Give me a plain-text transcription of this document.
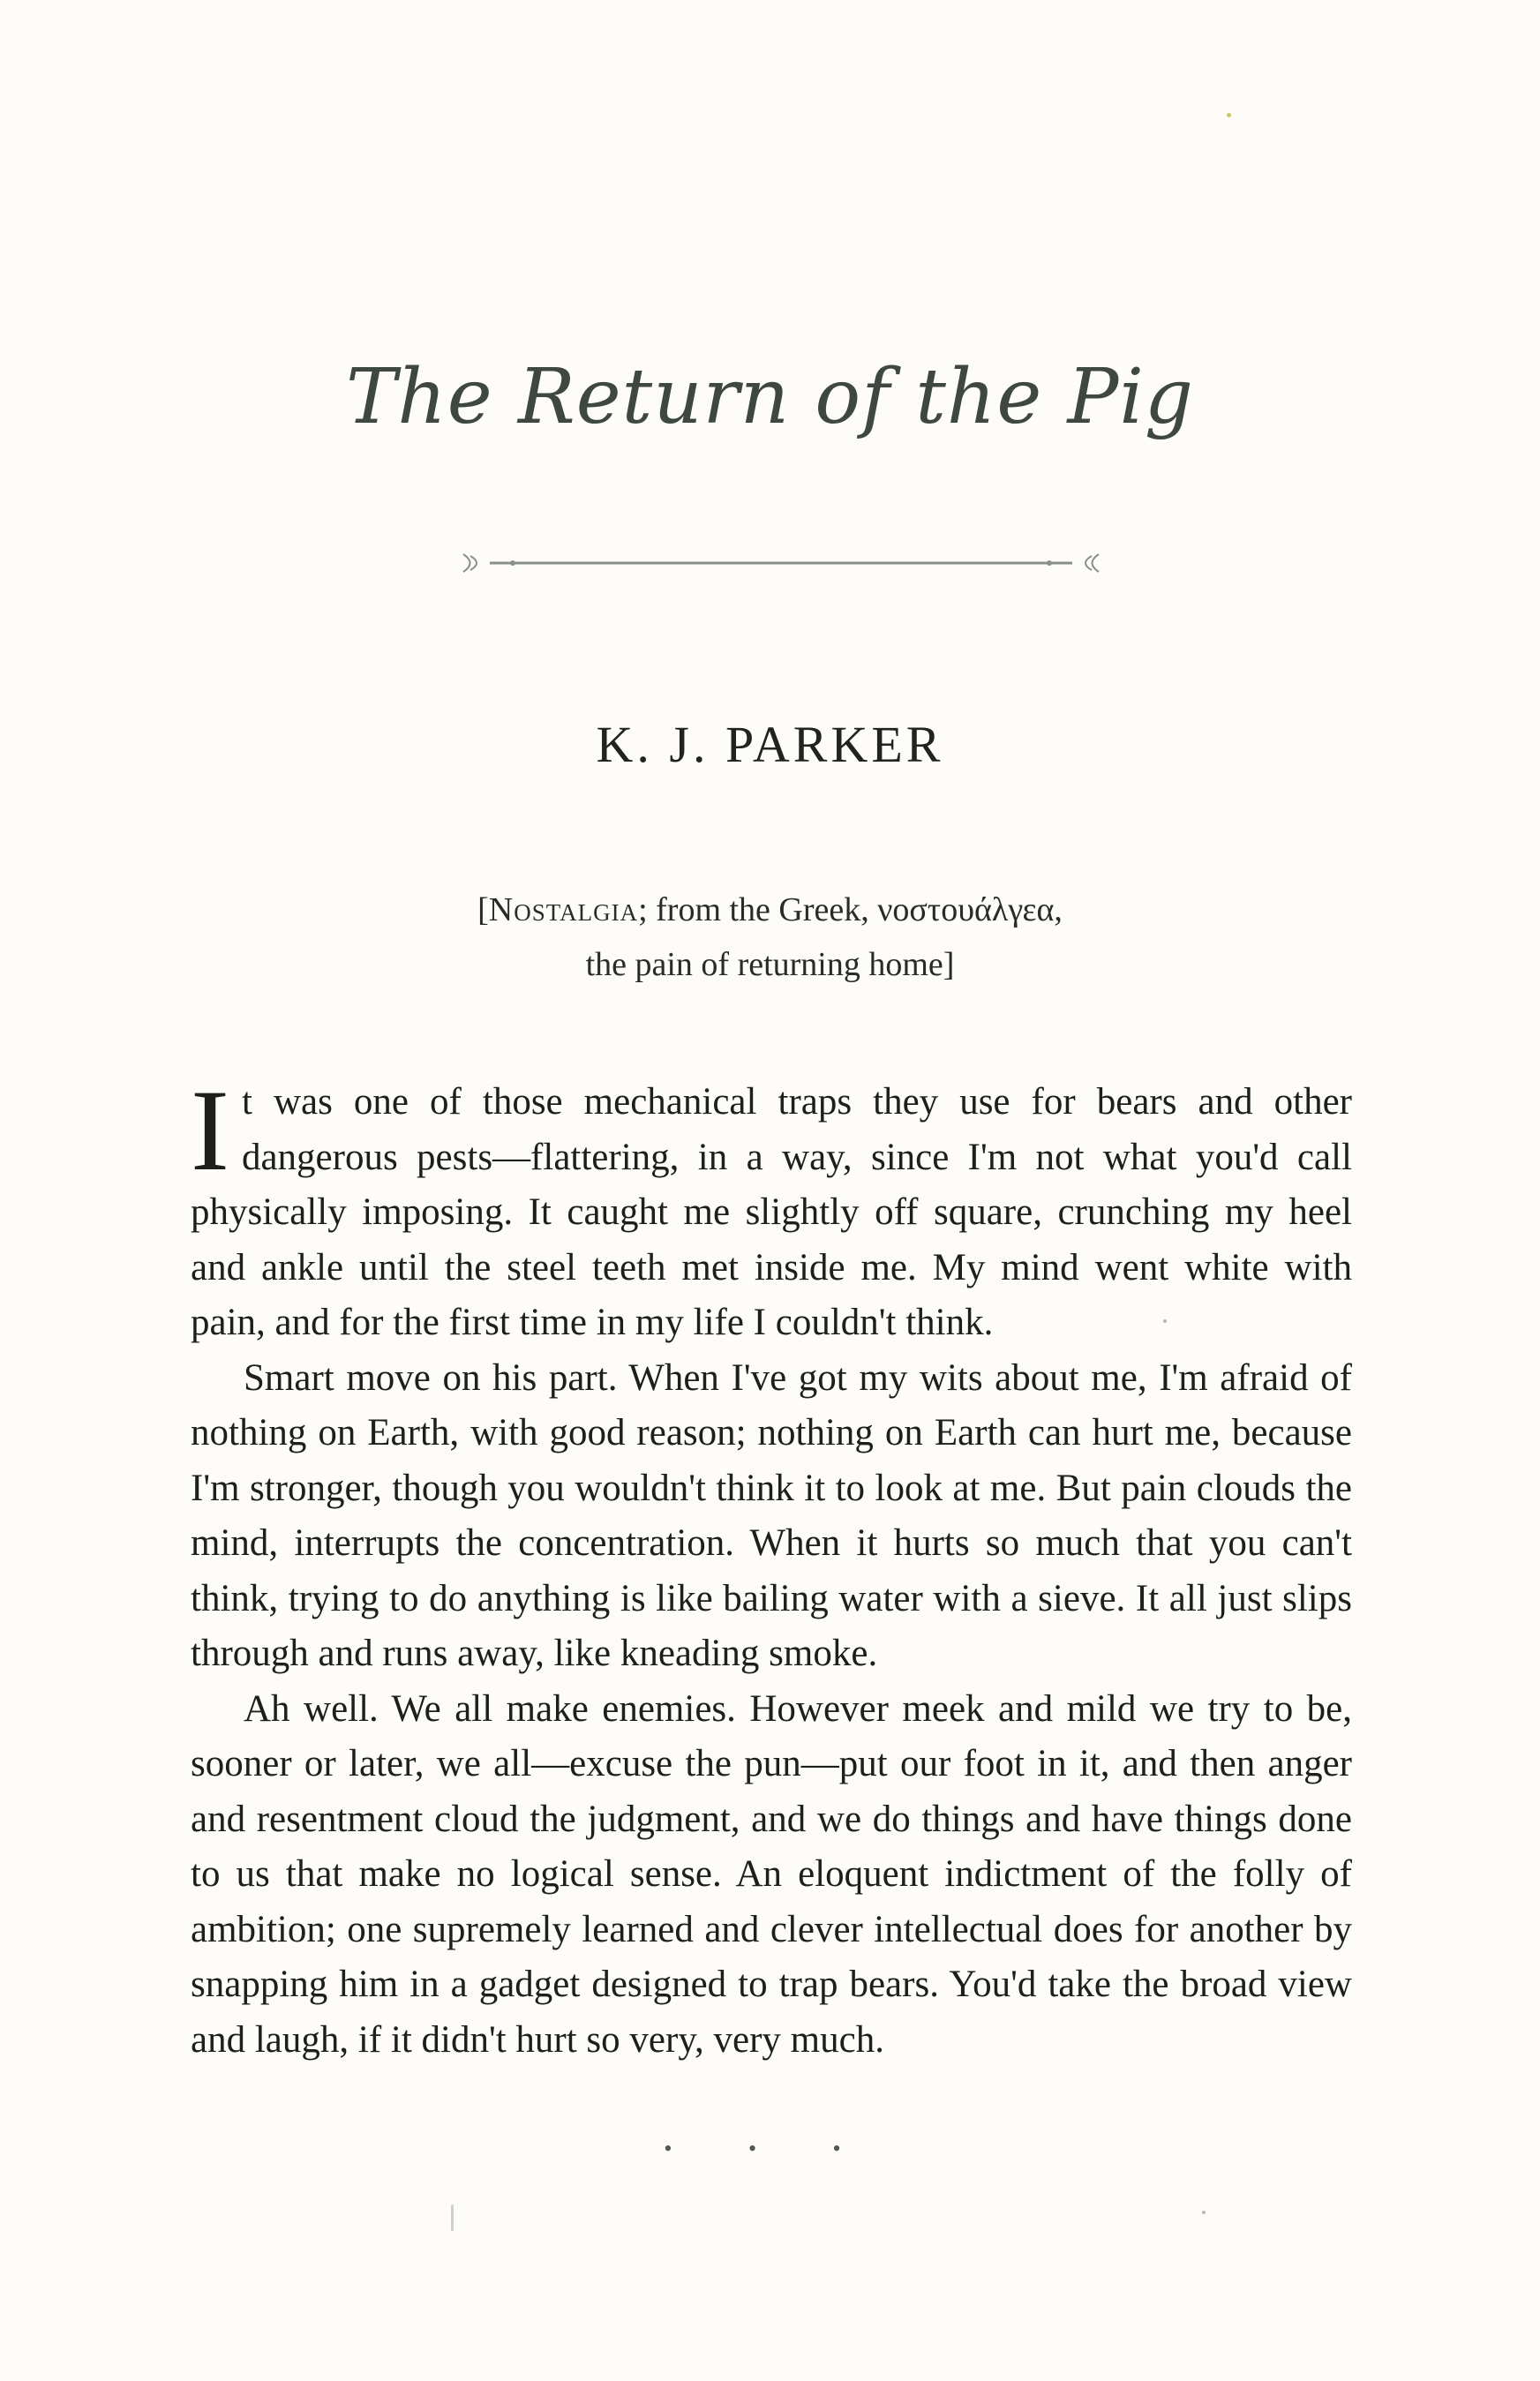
The Return of the Pig
K. J. PARKER
[Nostalgia; from the Greek, νοστουάλγεα,
the pain of returning home]

It was one of those mechanical traps they use for bears and other dangerous pests—flattering, in a way, since I'm not what you'd call physically imposing. It caught me slightly off square, crunching my heel and ankle until the steel teeth met inside me. My mind went white with pain, and for the first time in my life I couldn't think.

Smart move on his part. When I've got my wits about me, I'm afraid of nothing on Earth, with good reason; nothing on Earth can hurt me, because I'm stronger, though you wouldn't think it to look at me. But pain clouds the mind, interrupts the concentration. When it hurts so much that you can't think, trying to do anything is like bailing water with a sieve. It all just slips through and runs away, like kneading smoke.

Ah well. We all make enemies. However meek and mild we try to be, sooner or later, we all—excuse the pun—put our foot in it, and then anger and resentment cloud the judgment, and we do things and have things done to us that make no logical sense. An eloquent indictment of the folly of ambition; one supremely learned and clever intellectual does for another by snapping him in a gadget designed to trap bears. You'd take the broad view and laugh, if it didn't hurt so very, very much.

• • •
